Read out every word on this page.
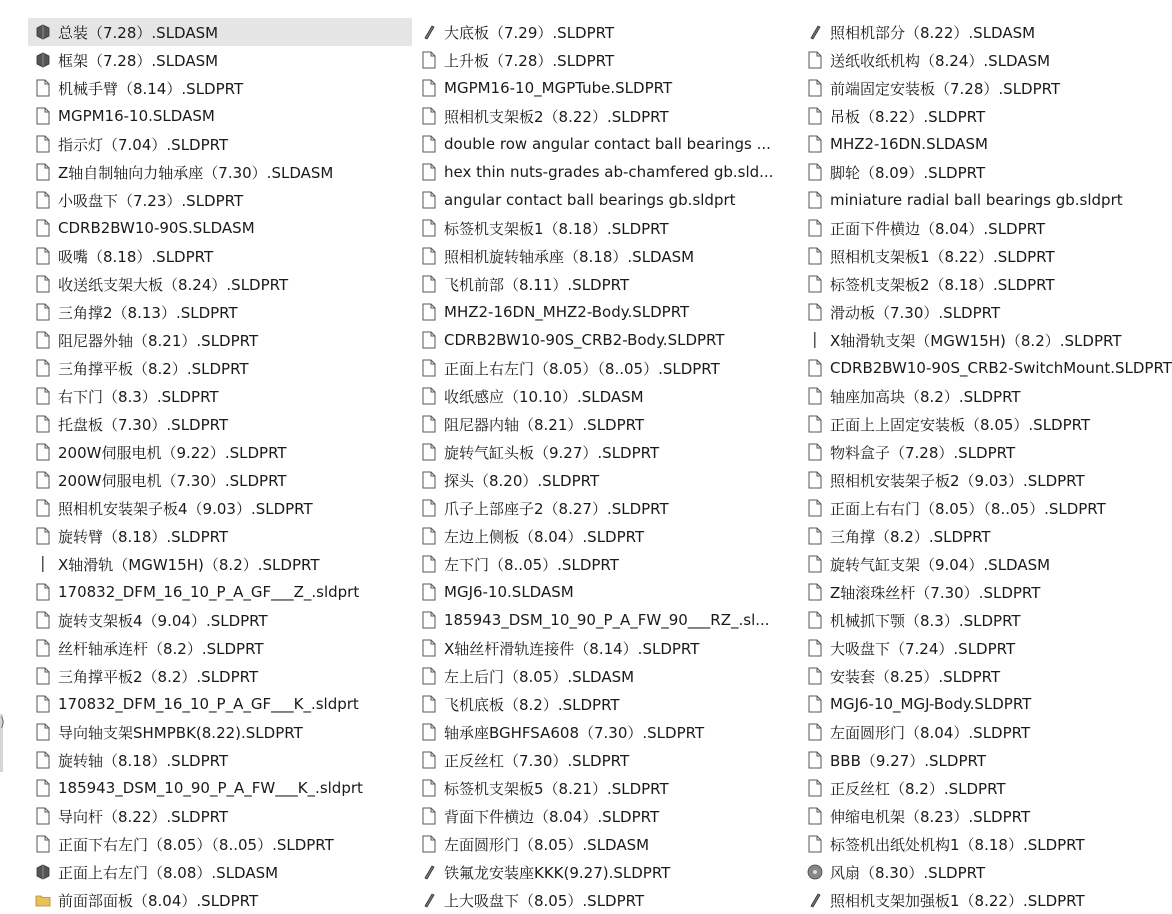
总装（7.28）.SLDASM
框架（7.28）.SLDASM
机械手臂（8.14）.SLDPRT
MGPM16-10.SLDASM
指示灯（7.04）.SLDPRT
Z轴自制轴向力轴承座（7.30）.SLDASM
小吸盘下（7.23）.SLDPRT
CDRB2BW10-90S.SLDASM
吸嘴（8.18）.SLDPRT
收送纸支架大板（8.24）.SLDPRT
三角撑2（8.13）.SLDPRT
阻尼器外轴（8.21）.SLDPRT
三角撑平板（8.2）.SLDPRT
右下门（8.3）.SLDPRT
托盘板（7.30）.SLDPRT
200W伺服电机（9.22）.SLDPRT
200W伺服电机（7.30）.SLDPRT
照相机安装架子板4（9.03）.SLDPRT
旋转臂（8.18）.SLDPRT
X轴滑轨（MGW15H)（8.2）.SLDPRT
170832_DFM_16_10_P_A_GF___Z_.sldprt
旋转支架板4（9.04）.SLDPRT
丝杆轴承连杆（8.2）.SLDPRT
三角撑平板2（8.2）.SLDPRT
170832_DFM_16_10_P_A_GF___K_.sldprt
导向轴支架SHMPBK(8.22).SLDPRT
旋转轴（8.18）.SLDPRT
185943_DSM_10_90_P_A_FW___K_.sldprt
导向杆（8.22）.SLDPRT
正面下右左门（8.05）（8..05）.SLDPRT
正面上右左门（8.08）.SLDASM
前面部面板（8.04）.SLDPRT
大底板（7.29）.SLDPRT
上升板（7.28）.SLDPRT
MGPM16-10_MGPTube.SLDPRT
照相机支架板2（8.22）.SLDPRT
double row angular contact ball bearings ...
hex thin nuts-grades ab-chamfered gb.sld...
angular contact ball bearings gb.sldprt
标签机支架板1（8.18）.SLDPRT
照相机旋转轴承座（8.18）.SLDASM
飞机前部（8.11）.SLDPRT
MHZ2-16DN_MHZ2-Body.SLDPRT
CDRB2BW10-90S_CRB2-Body.SLDPRT
正面上右左门（8.05）（8..05）.SLDPRT
收纸感应（10.10）.SLDASM
阻尼器内轴（8.21）.SLDPRT
旋转气缸头板（9.27）.SLDPRT
探头（8.20）.SLDPRT
爪子上部座子2（8.27）.SLDPRT
左边上侧板（8.04）.SLDPRT
左下门（8..05）.SLDPRT
MGJ6-10.SLDASM
185943_DSM_10_90_P_A_FW_90___RZ_.sl...
X轴丝杆滑轨连接件（8.14）.SLDPRT
左上后门（8.05）.SLDASM
飞机底板（8.2）.SLDPRT
轴承座BGHFSA608（7.30）.SLDPRT
正反丝杠（7.30）.SLDPRT
标签机支架板5（8.21）.SLDPRT
背面下件横边（8.04）.SLDPRT
左面圆形门（8.05）.SLDASM
铁氟龙安装座KKK(9.27).SLDPRT
上大吸盘下（8.05）.SLDPRT
照相机部分（8.22）.SLDASM
送纸收纸机构（8.24）.SLDASM
前端固定安装板（7.28）.SLDPRT
吊板（8.22）.SLDPRT
MHZ2-16DN.SLDASM
脚轮（8.09）.SLDPRT
miniature radial ball bearings gb.sldprt
正面下件横边（8.04）.SLDPRT
照相机支架板1（8.22）.SLDPRT
标签机支架板2（8.18）.SLDPRT
滑动板（7.30）.SLDPRT
X轴滑轨支架（MGW15H)（8.2）.SLDPRT
CDRB2BW10-90S_CRB2-SwitchMount.SLDPRT
轴座加高块（8.2）.SLDPRT
正面上上固定安装板（8.05）.SLDPRT
物料盒子（7.28）.SLDPRT
照相机安装架子板2（9.03）.SLDPRT
正面上右右门（8.05）（8..05）.SLDPRT
三角撑（8.2）.SLDPRT
旋转气缸支架（9.04）.SLDASM
Z轴滚珠丝杆（7.30）.SLDPRT
机械抓下颚（8.3）.SLDPRT
大吸盘下（7.24）.SLDPRT
安装套（8.25）.SLDPRT
MGJ6-10_MGJ-Body.SLDPRT
左面圆形门（8.04）.SLDPRT
BBB（9.27）.SLDPRT
正反丝杠（8.2）.SLDPRT
伸缩电机架（8.23）.SLDPRT
标签机出纸处机构1（8.18）.SLDPRT
风扇（8.30）.SLDPRT
照相机支架加强板1（8.22）.SLDPRT
)
